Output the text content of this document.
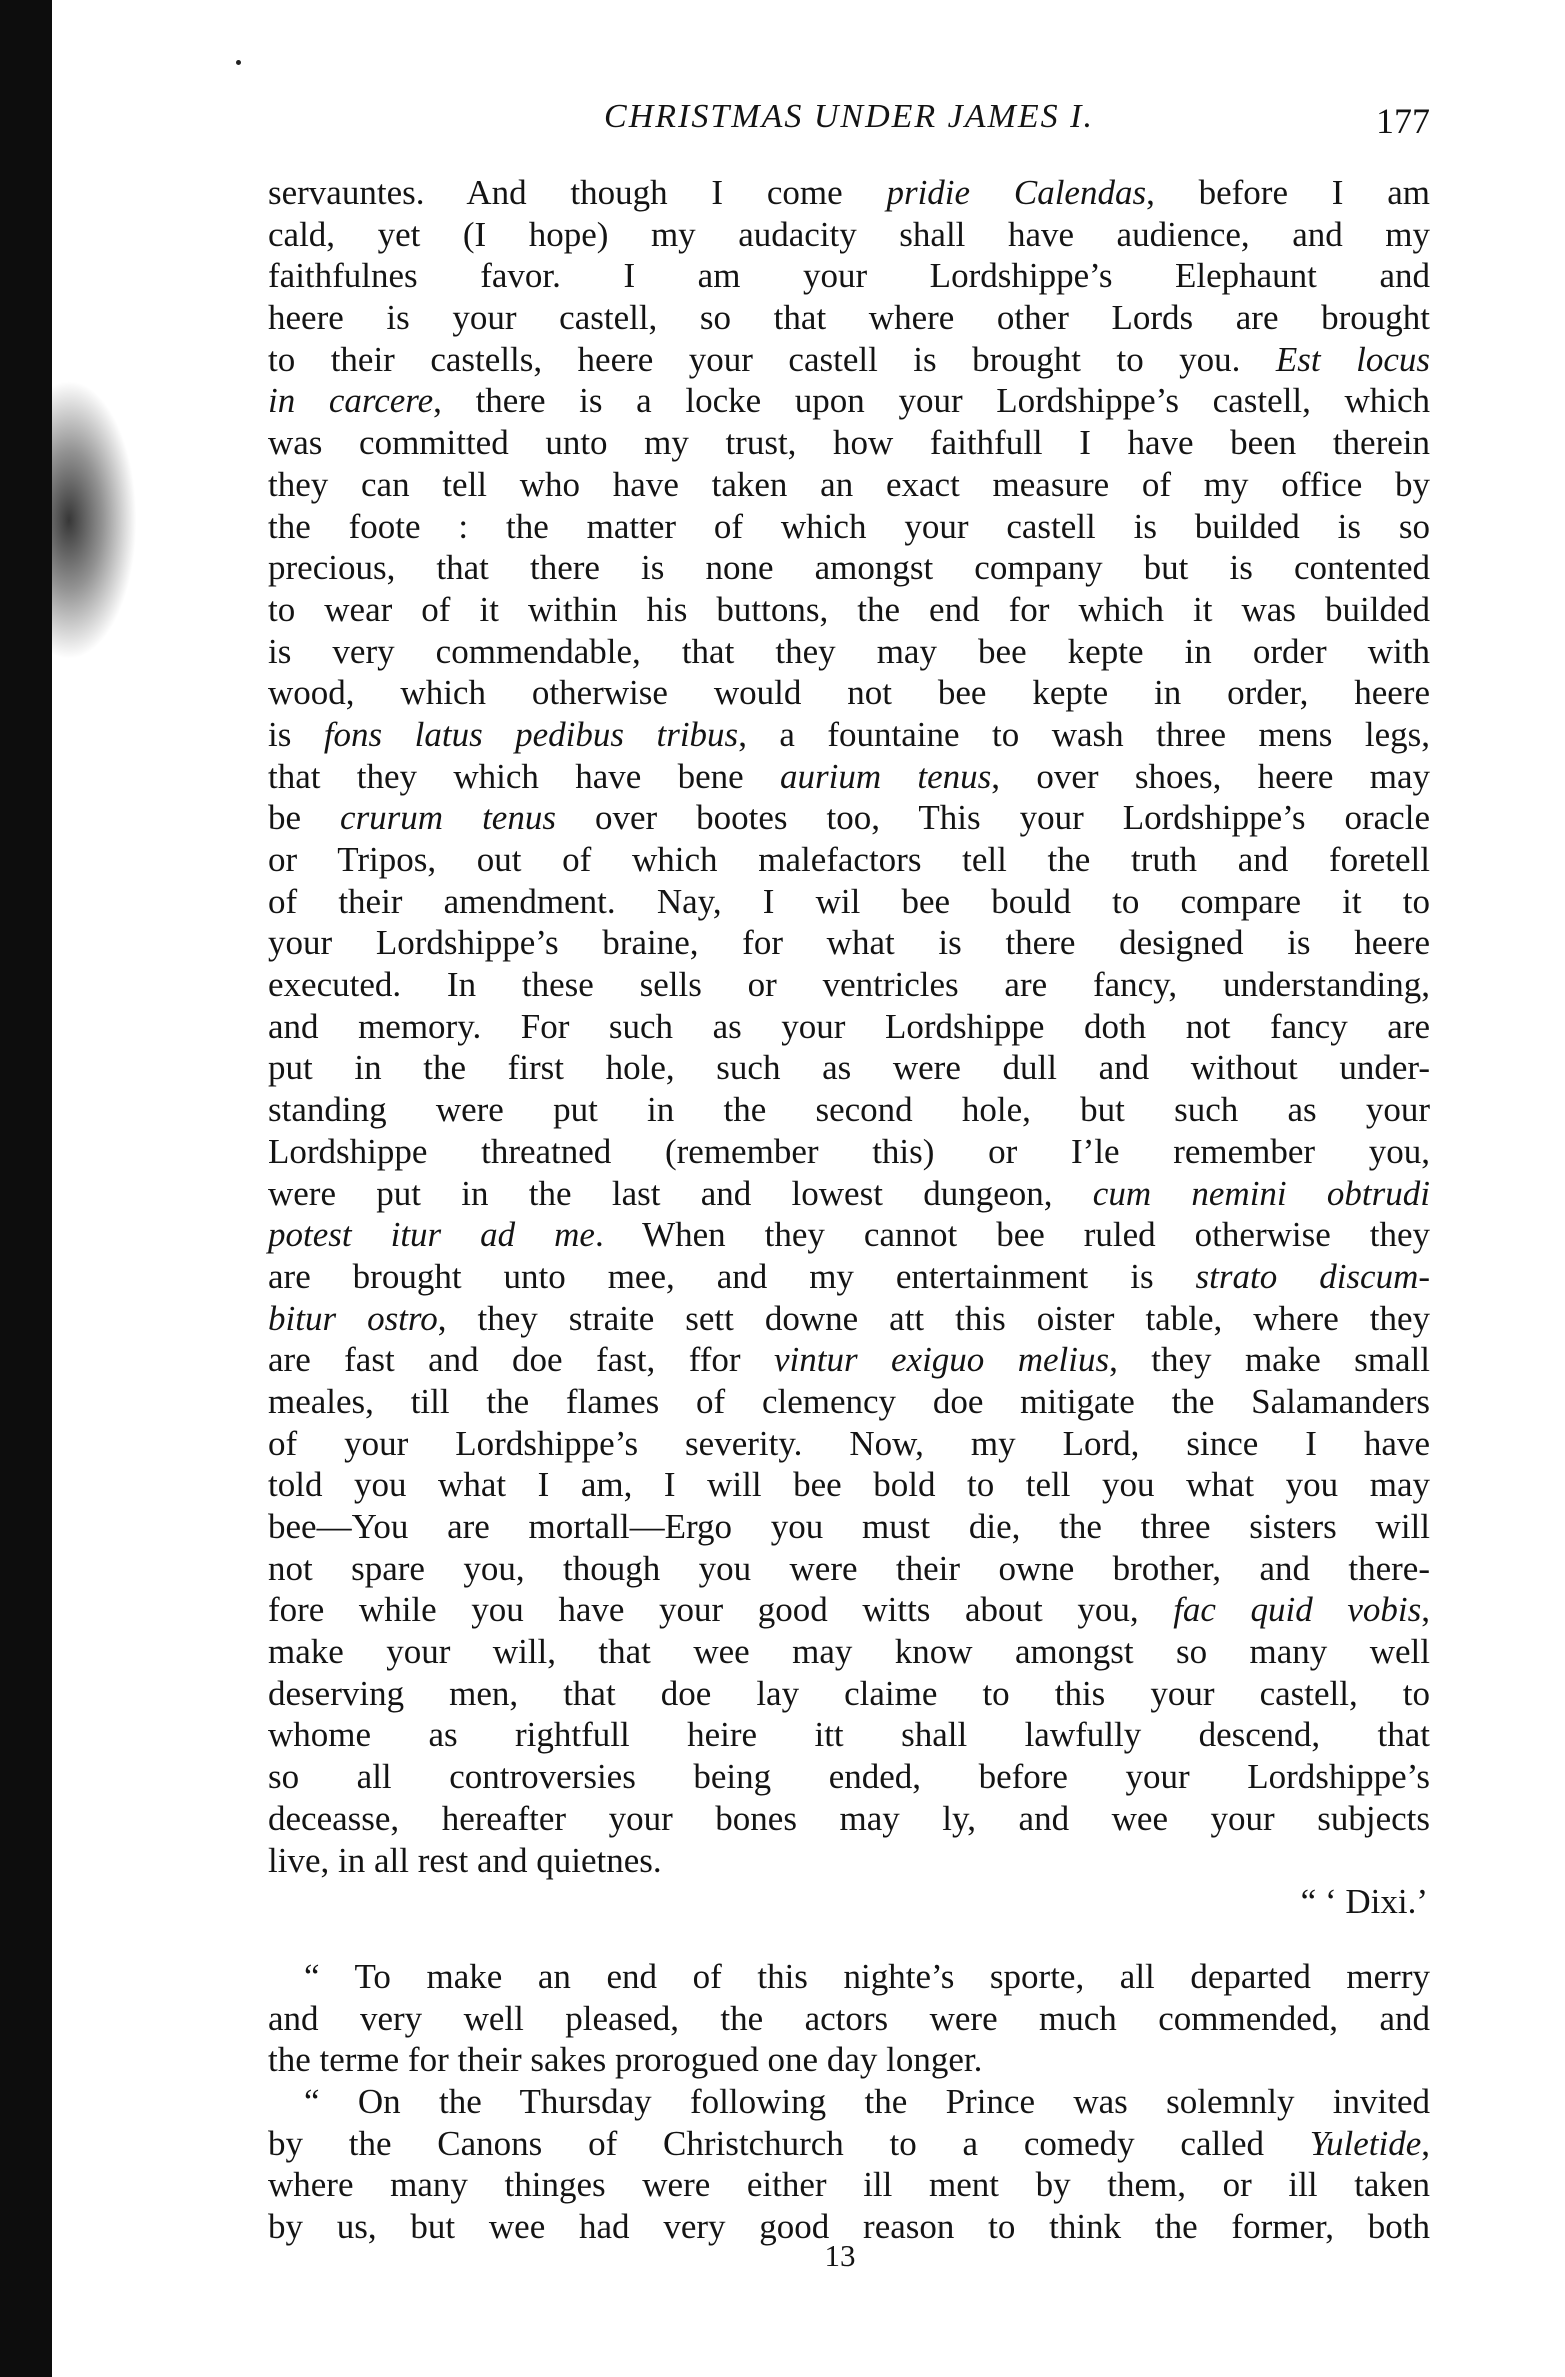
CHRISTMAS UNDER JAMES I.	177
servauntes. And though I come pridie Calendas, before I am
cald, yet (I hope) my audacity shall have audience, and my
faithfulnes favor. I am your Lordshippe’s Elephaunt and
heere is your castell, so that where other Lords are brought
to their castells, heere your castell is brought to you. Est locus
in carcere, there is a locke upon your Lordshippe’s castell, which
was committed unto my trust, how faithfull I have been therein
they can tell who have taken an exact measure of my office by
the foote : the matter of which your castell is builded is so
precious, that there is none amongst company but is contented
to wear of it within his buttons, the end for which it was builded
is very commendable, that they may bee kepte in order with
wood, which otherwise would not bee kepte in order, heere
is fons latus pedibus tribus, a fountaine to wash three mens legs,
that they which have bene aurium tenus, over shoes, heere may
be crurum tenus over bootes too, This your Lordshippe’s oracle
or Tripos, out of which malefactors tell the truth and foretell
of their amendment. Nay, I wil bee bould to compare it to
your Lordshippe’s braine, for what is there designed is heere
executed. In these sells or ventricles are fancy, understanding,
and memory. For such as your Lordshippe doth not fancy are
put in the first hole, such as were dull and without under-
standing were put in the second hole, but such as your
Lordshippe threatned (remember this) or I’le remember you,
were put in the last and lowest dungeon, cum nemini obtrudi
potest itur ad me. When they cannot bee ruled otherwise they
are brought unto mee, and my entertainment is strato discum-
bitur ostro, they straite sett downe att this oister table, where they
are fast and doe fast, ffor vintur exiguo melius, they make small
meales, till the flames of clemency doe mitigate the Salamanders
of your Lordshippe’s severity. Now, my Lord, since I have
told you what I am, I will bee bold to tell you what you may
bee—You are mortall—Ergo you must die, the three sisters will
not spare you, though you were their owne brother, and there-
fore while you have your good witts about you, fac quid vobis,
make your will, that wee may know amongst so many well
deserving men, that doe lay claime to this your castell, to
whome as rightfull heire itt shall lawfully descend, that
so all controversies being ended, before your Lordshippe’s
deceasse, hereafter your bones may ly, and wee your subjects
live, in all rest and quietnes.
“ ‘ Dixi.’
“ To make an end of this nighte’s sporte, all departed merry
and very well pleased, the actors were much commended, and
the terme for their sakes prorogued one day longer.
“ On the Thursday following the Prince was solemnly invited
by the Canons of Christchurch to a comedy called Yuletide,
where many thinges were either ill ment by them, or ill taken
by us, but wee had very good reason to think the former, both
13
